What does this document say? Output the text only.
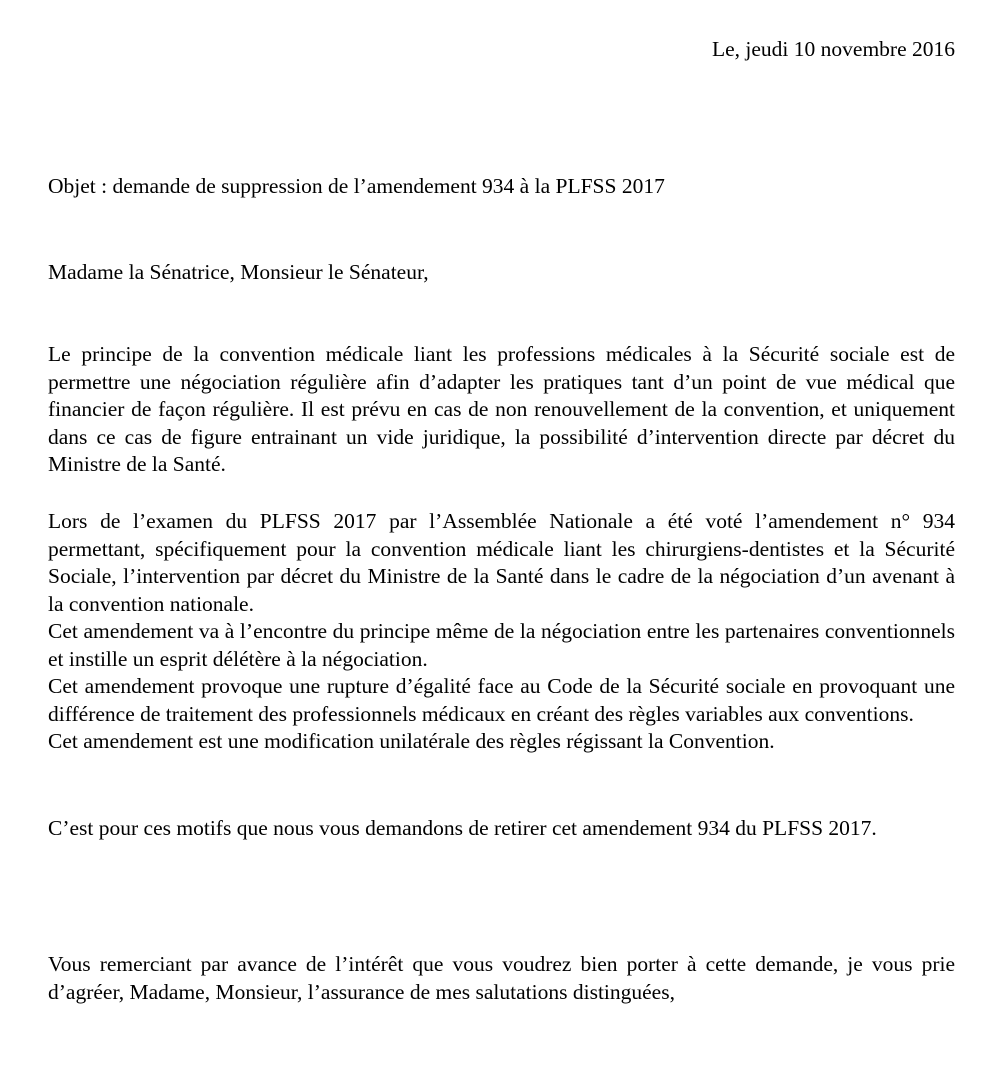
Le, jeudi 10 novembre 2016
Objet : demande de suppression de l’amendement 934 à la PLFSS 2017
Madame la Sénatrice, Monsieur le Sénateur,

Le principe de la convention médicale liant les professions médicales à la Sécurité sociale est de permettre une négociation régulière afin d’adapter les pratiques tant d’un point de vue médical que financier de façon régulière. Il est prévu en cas de non renouvellement de la convention, et uniquement dans ce cas de figure entrainant un vide juridique, la possibilité d’intervention directe par décret du Ministre de la Santé.

Lors de l’examen du PLFSS 2017 par l’Assemblée Nationale a été voté l’amendement n° 934 permettant, spécifiquement pour la convention médicale liant les chirurgiens-dentistes et la Sécurité Sociale, l’intervention par décret du Ministre de la Santé dans le cadre de la négociation d’un avenant à la convention nationale.

Cet amendement va à l’encontre du principe même de la négociation entre les partenaires conventionnels et instille un esprit délétère à la négociation.

Cet amendement provoque une rupture d’égalité face au Code de la Sécurité sociale en provoquant une différence de traitement des professionnels médicaux en créant des règles variables aux conventions.

Cet amendement est une modification unilatérale des règles régissant la Convention.

C’est pour ces motifs que nous vous demandons de retirer cet amendement 934 du PLFSS 2017.

Vous remerciant par avance de l’intérêt que vous voudrez bien porter à cette demande, je vous prie d’agréer, Madame, Monsieur, l’assurance de mes salutations distinguées,
